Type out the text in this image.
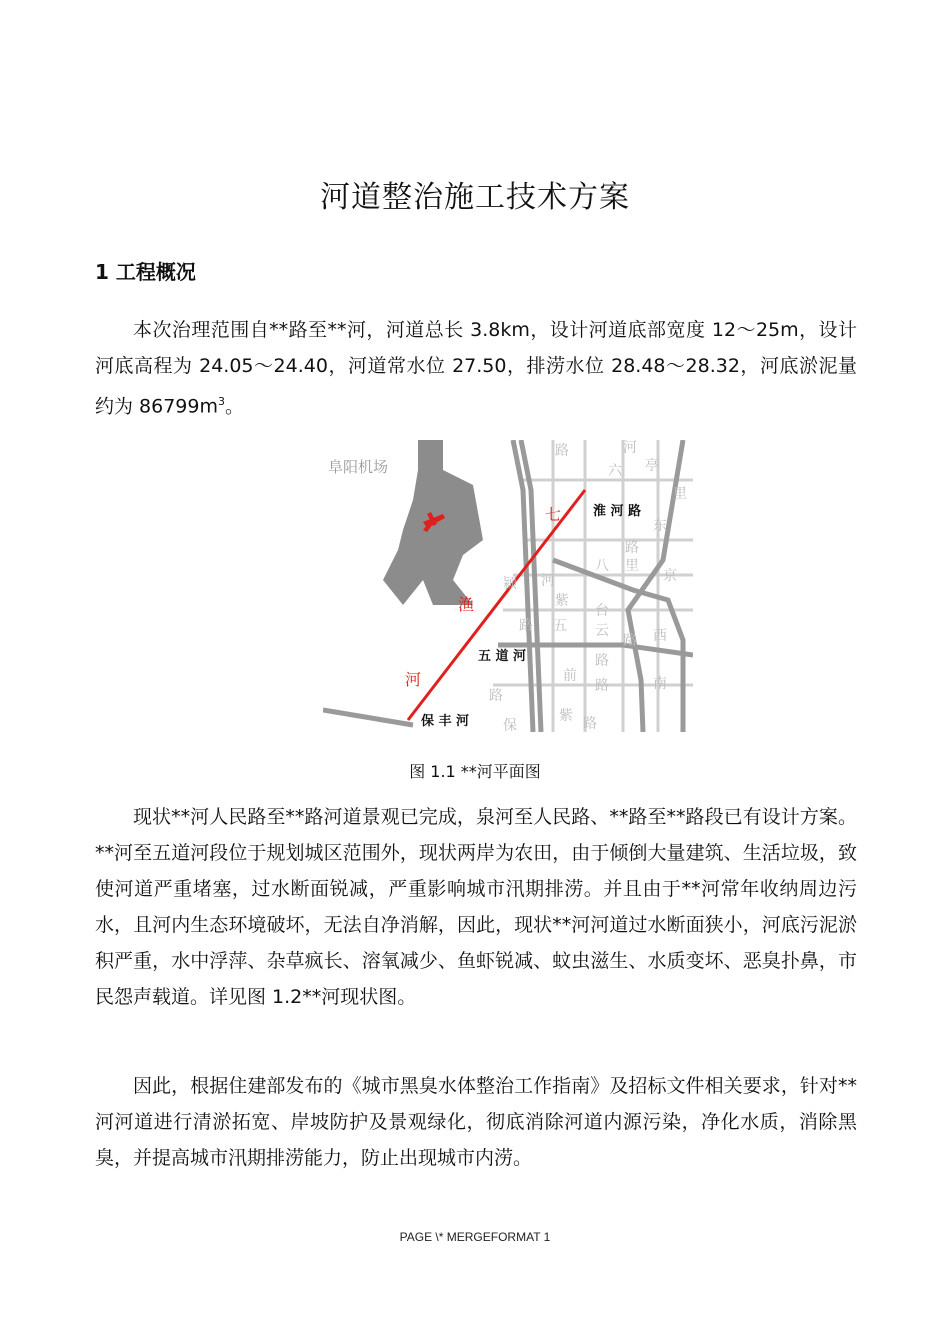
河道整治施工技术方案
1 工程概况
本次治理范围自**路至**河，河道总长 3.8km，设计河道底部宽度 12～25m，设计河底高程为 24.05～24.40，河道常水位 27.50，排涝水位 28.48～28.32，河底淤泥量约为 $86799m^3$。
路	河
六 亭
里
东
路
京
八 里
河
颍
紫
台
路 五 云
路 西
路
路
前	南
保
路
紫 路
阜阳机场
七
渔
河
淮 河 路
五 道 河
保 丰 河
图 1.1 **河平面图
现状**河人民路至**路河道景观已完成，泉河至人民路、**路至**路段已有设计方案。**河至五道河段位于规划城区范围外，现状两岸为农田，由于倾倒大量建筑、生活垃圾，致使河道严重堵塞，过水断面锐减，严重影响城市汛期排涝。并且由于**河常年收纳周边污水，且河内生态环境破坏，无法自净消解，因此，现状**河河道过水断面狭小，河底污泥淤积严重，水中浮萍、杂草疯长、溶氧减少、鱼虾锐减、蚊虫滋生、水质变坏、恶臭扑鼻，市民怨声载道。详见图 1.2**河现状图。
因此，根据住建部发布的《城市黑臭水体整治工作指南》及招标文件相关要求，针对**河河道进行清淤拓宽、岸坡防护及景观绿化，彻底消除河道内源污染，净化水质，消除黑臭，并提高城市汛期排涝能力，防止出现城市内涝。
PAGE \* MERGEFORMAT 1
